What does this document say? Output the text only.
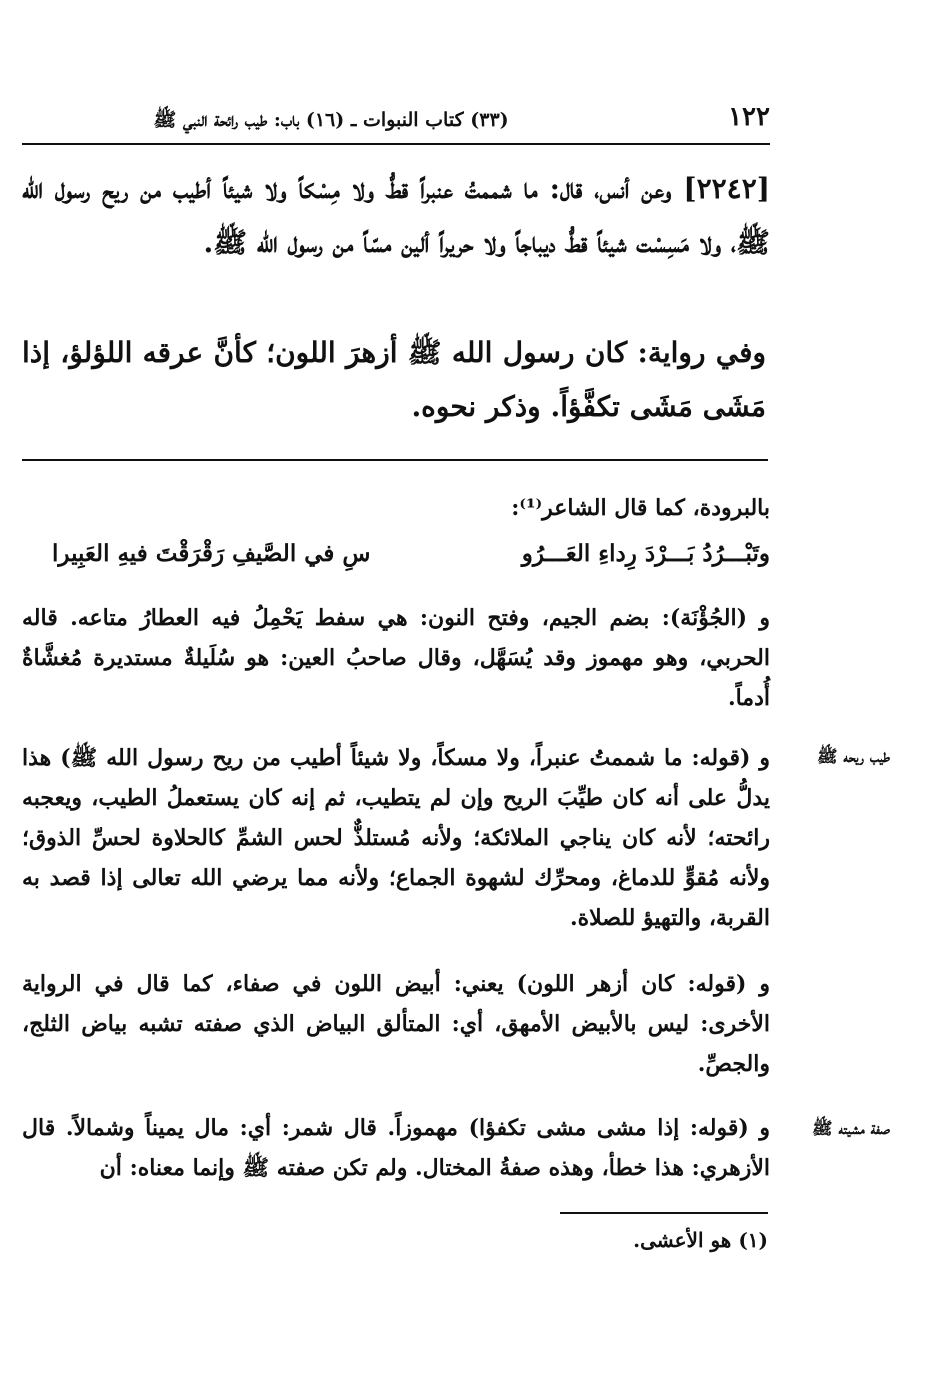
١٢٢
(٣٣) كتاب النبوات ـ (١٦) باب: طيب رائحة النبي ﷺ

[٢٢٤٢] وعن أنس، قال: ما شممتُ عنبراً قطُّ ولا مِسْكاً ولا شيئاً أطيب من ريح رسول الله ﷺ، ولا مَسِسْت شيئاً قطُّ ديباجاً ولا حريراً ألين مسّاً من رسول الله ﷺ.

وفي رواية: كان رسول الله ﷺ أزهرَ اللون؛ كأنَّ عرقه اللؤلؤ، إذا مَشَى مَشَى تكفَّؤاً. وذكر نحوه.

بالبرودة، كما قال الشاعر⁽¹⁾:

وتَبْـــرُدُ بَـــرْدَ رِداءِ العَـــرُو
سِ في الصَّيفِ رَقْرَقْتَ فيهِ العَبِيرا

و (الجُؤْنَة): بضم الجيم، وفتح النون: هي سفط يَحْمِلُ فيه العطارُ متاعه. قاله الحربي، وهو مهموز وقد يُسَهَّل، وقال صاحبُ العين: هو سُلَيلةٌ مستديرة مُغشَّاةٌ أُدماً.

طيب ريحه ﷺ

و (قوله: ما شممتُ عنبراً، ولا مسكاً، ولا شيئاً أطيب من ريح رسول الله ﷺ) هذا يدلُّ على أنه كان طيِّبَ الريح وإن لم يتطيب، ثم إنه كان يستعملُ الطيب، ويعجبه رائحته؛ لأنه كان يناجي الملائكة؛ ولأنه مُستلذٌّ لحس الشمِّ كالحلاوة لحسِّ الذوق؛ ولأنه مُقوٍّ للدماغ، ومحرِّك لشهوة الجماع؛ ولأنه مما يرضي الله تعالى إذا قصد به القربة، والتهيؤ للصلاة.

و (قوله: كان أزهر اللون) يعني: أبيض اللون في صفاء، كما قال في الرواية الأخرى: ليس بالأبيض الأمهق، أي: المتألق البياض الذي صفته تشبه بياض الثلج، والجصِّ.

صفة مشيته ﷺ

و (قوله: إذا مشى مشى تكفؤا) مهموزاً. قال شمر: أي: مال يميناً وشمالاً. قال الأزهري: هذا خطأ، وهذه صفةُ المختال. ولم تكن صفته ﷺ وإنما معناه: أن

(١) هو الأعشى.
